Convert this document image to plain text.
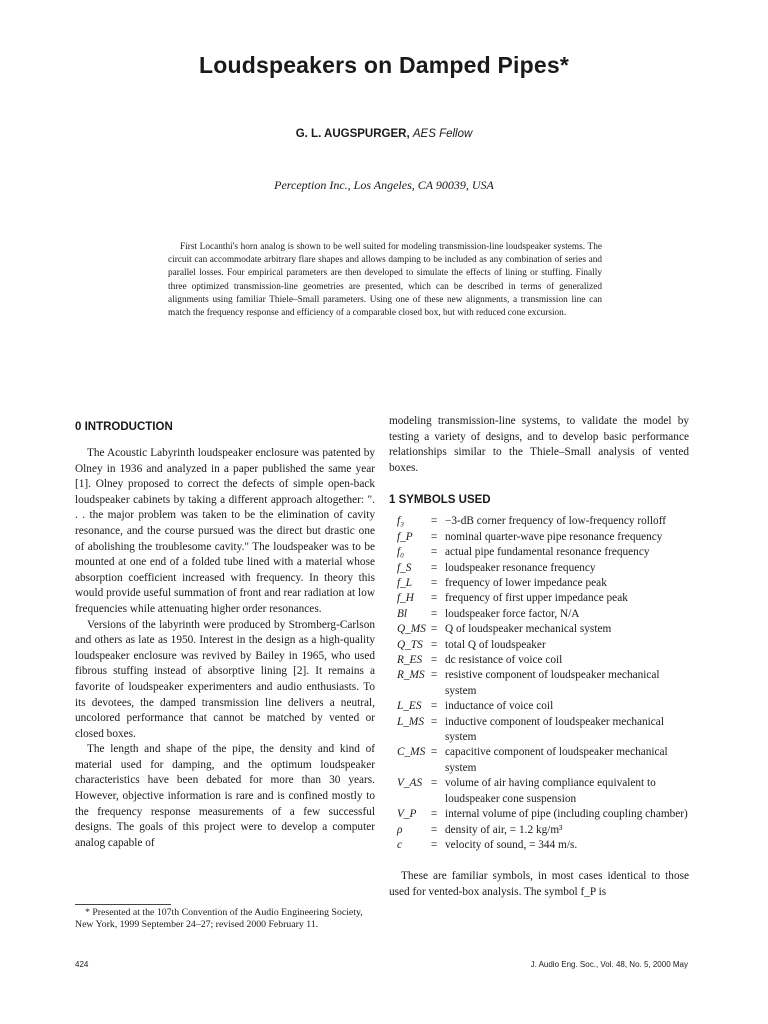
Loudspeakers on Damped Pipes*
G. L. AUGSPURGER, AES Fellow
Perception Inc., Los Angeles, CA 90039, USA

First Locanthi's horn analog is shown to be well suited for modeling transmission-line loudspeaker systems. The circuit can accommodate arbitrary flare shapes and allows damping to be included as any combination of series and parallel losses. Four empirical parameters are then developed to simulate the effects of lining or stuffing. Finally three optimized transmission-line geometries are presented, which can be described in terms of generalized alignments using familiar Thiele–Small parameters. Using one of these new alignments, a transmission line can match the frequency response and efficiency of a comparable closed box, but with reduced cone excursion.

0 INTRODUCTION

The Acoustic Labyrinth loudspeaker enclosure was patented by Olney in 1936 and analyzed in a paper published the same year [1]. Olney proposed to correct the defects of simple open-back loudspeaker cabinets by taking a different approach altogether: ". . . the major problem was taken to be the elimination of cavity resonance, and the course pursued was the direct but drastic one of abolishing the troublesome cavity." The loudspeaker was to be mounted at one end of a folded tube lined with a material whose absorption coefficient increased with frequency. In theory this would provide useful summation of front and rear radiation at low frequencies while attenuating higher order resonances.

Versions of the labyrinth were produced by Stromberg-Carlson and others as late as 1950. Interest in the design as a high-quality loudspeaker enclosure was revived by Bailey in 1965, who used fibrous stuffing instead of absorptive lining [2]. It remains a favorite of loudspeaker experimenters and audio enthusiasts. To its devotees, the damped transmission line delivers a neutral, uncolored performance that cannot be matched by vented or closed boxes.

The length and shape of the pipe, the density and kind of material used for damping, and the optimum loudspeaker characteristics have been debated for more than 30 years. However, objective information is rare and is confined mostly to the frequency response measurements of a few successful designs. The goals of this project were to develop a computer analog capable of

modeling transmission-line systems, to validate the model by testing a variety of designs, and to develop basic performance relationships similar to the Thiele–Small analysis of vented boxes.

1 SYMBOLS USED
f₃	= −3-dB corner frequency of low-frequency rolloff
f_P	= nominal quarter-wave pipe resonance frequency
f₀	= actual pipe fundamental resonance frequency
f_S	= loudspeaker resonance frequency
f_L	= frequency of lower impedance peak
f_H	= frequency of first upper impedance peak
Bl	= loudspeaker force factor, N/A
Q_MS = Q of loudspeaker mechanical system
Q_TS = total Q of loudspeaker
R_ES = dc resistance of voice coil
R_MS = resistive component of loudspeaker mechanical system
L_ES = inductance of voice coil
L_MS = inductive component of loudspeaker mechanical system
C_MS = capacitive component of loudspeaker mechanical system
V_AS = volume of air having compliance equivalent to loudspeaker cone suspension
V_P	= internal volume of pipe (including coupling chamber)
ρ	= density of air, = 1.2 kg/m³
c	= velocity of sound, = 344 m/s.

These are familiar symbols, in most cases identical to those used for vented-box analysis. The symbol f_P is

* Presented at the 107th Convention of the Audio Engineering Society, New York, 1999 September 24–27; revised 2000 February 11.

424	J. Audio Eng. Soc., Vol. 48, No. 5, 2000 May
